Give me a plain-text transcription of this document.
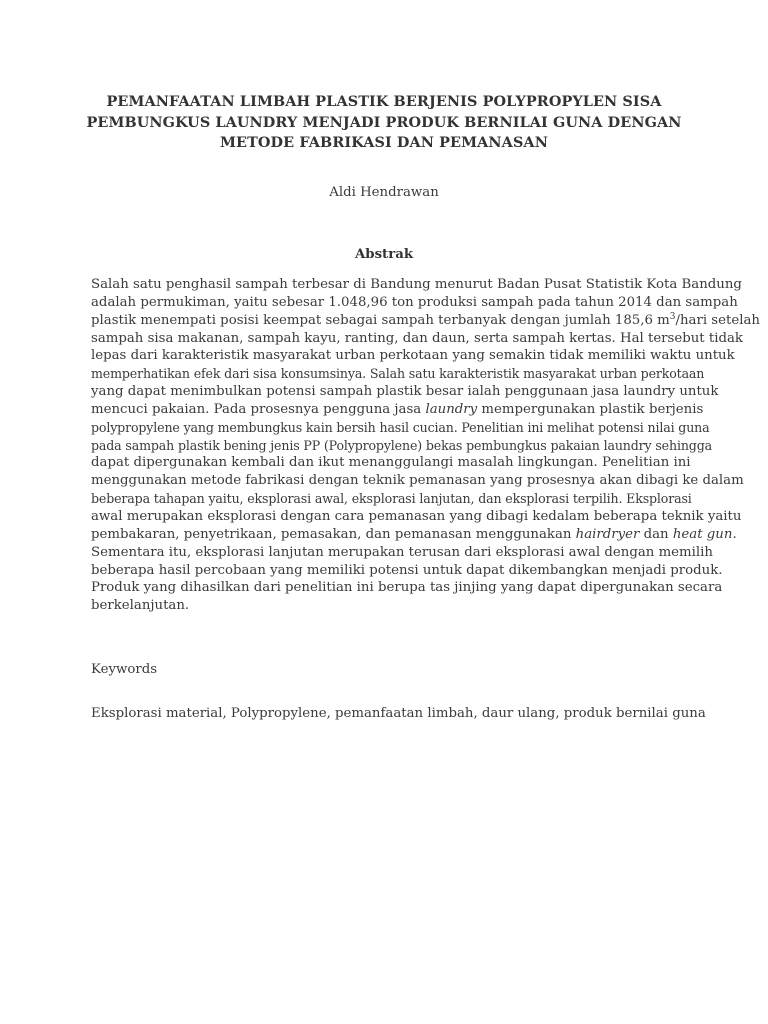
PEMANFAATAN LIMBAH PLASTIK BERJENIS POLYPROPYLEN SISA
PEMBUNGKUS LAUNDRY MENJADI PRODUK BERNILAI GUNA DENGAN
METODE FABRIKASI DAN PEMANASAN
Aldi Hendrawan
Abstrak
Salah satu penghasil sampah terbesar di Bandung menurut Badan Pusat Statistik Kota Bandung
adalah permukiman, yaitu sebesar 1.048,96 ton produksi sampah pada tahun 2014 dan sampah
plastik menempati posisi keempat sebagai sampah terbanyak dengan jumlah 185,6 $m^3$/hari setelah
sampah sisa makanan, sampah kayu, ranting, dan daun, serta sampah kertas. Hal tersebut tidak
lepas dari karakteristik masyarakat urban perkotaan yang semakin tidak memiliki waktu untuk
memperhatikan efek dari sisa konsumsinya. Salah satu karakteristik masyarakat urban perkotaan
yang dapat menimbulkan potensi sampah plastik besar ialah penggunaan jasa laundry untuk
mencuci pakaian. Pada prosesnya pengguna jasa laundry mempergunakan plastik berjenis
polypropylene yang membungkus kain bersih hasil cucian. Penelitian ini melihat potensi nilai guna
pada sampah plastik bening jenis PP (Polypropylene) bekas pembungkus pakaian laundry sehingga
dapat dipergunakan kembali dan ikut menanggulangi masalah lingkungan. Penelitian ini
menggunakan metode fabrikasi dengan teknik pemanasan yang prosesnya akan dibagi ke dalam
beberapa tahapan yaitu, eksplorasi awal, eksplorasi lanjutan, dan eksplorasi terpilih. Eksplorasi
awal merupakan eksplorasi dengan cara pemanasan yang dibagi kedalam beberapa teknik yaitu
pembakaran, penyetrikaan, pemasakan, dan pemanasan menggunakan hairdryer dan heat gun.
Sementara itu, eksplorasi lanjutan merupakan terusan dari eksplorasi awal dengan memilih
beberapa hasil percobaan yang memiliki potensi untuk dapat dikembangkan menjadi produk.
Produk yang dihasilkan dari penelitian ini berupa tas jinjing yang dapat dipergunakan secara
berkelanjutan.
Keywords
Eksplorasi material, Polypropylene, pemanfaatan limbah, daur ulang, produk bernilai guna
